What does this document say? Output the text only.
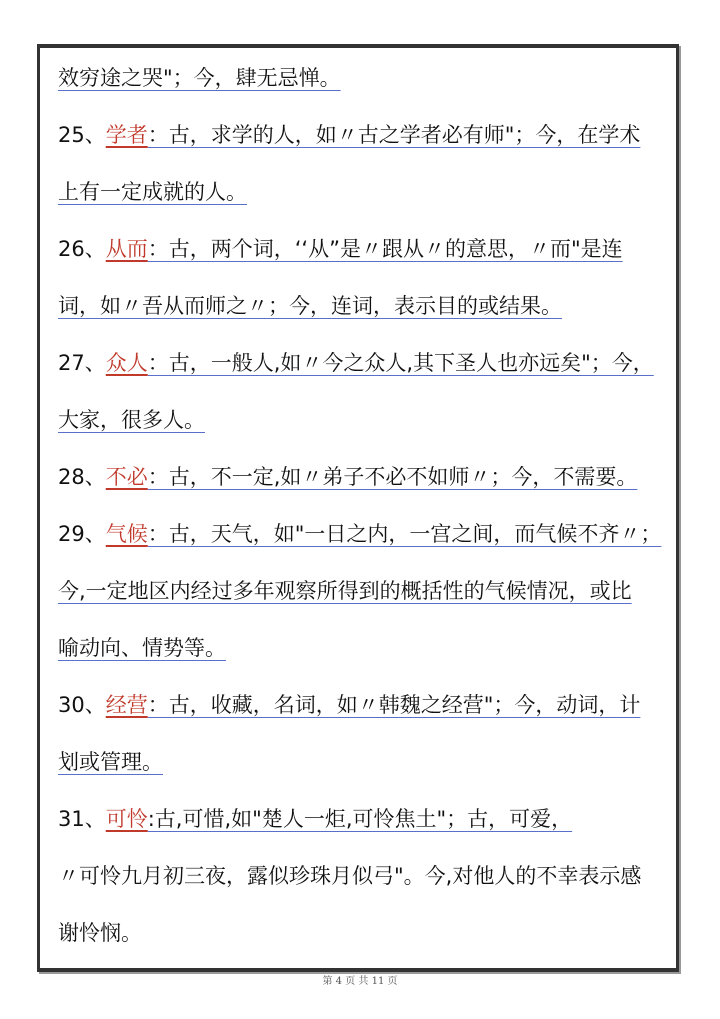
效穷途之哭"；今，肆无忌惮。

25、学者：古，求学的人，如〃古之学者必有师"；今，在学术
上有一定成就的人。
26、从而：古，两个词，‘‘从”是〃跟从〃的意思，〃而"是连
词，如〃吾从而师之〃；今，连词，表示目的或结果。
27、众人：古，一般人,如〃今之众人,其下圣人也亦远矣"；今，
大家，很多人。
28、不必：古，不一定,如〃弟子不必不如师〃；今，不需要。
29、气候：古，天气，如"一日之内，一宫之间，而气候不齐〃；
今,一定地区内经过多年观察所得到的概括性的气候情况，或比
喻动向、情势等。
30、经营：古，收藏，名词，如〃韩魏之经营"；今，动词，计
划或管理。
31、可怜:古,可惜,如"楚人一炬,可怜焦土"；古，可爱，
〃可怜九月初三夜，露似珍珠月似弓"。今,对他人的不幸表示感
谢怜悯。
第 4 页 共 11 页
